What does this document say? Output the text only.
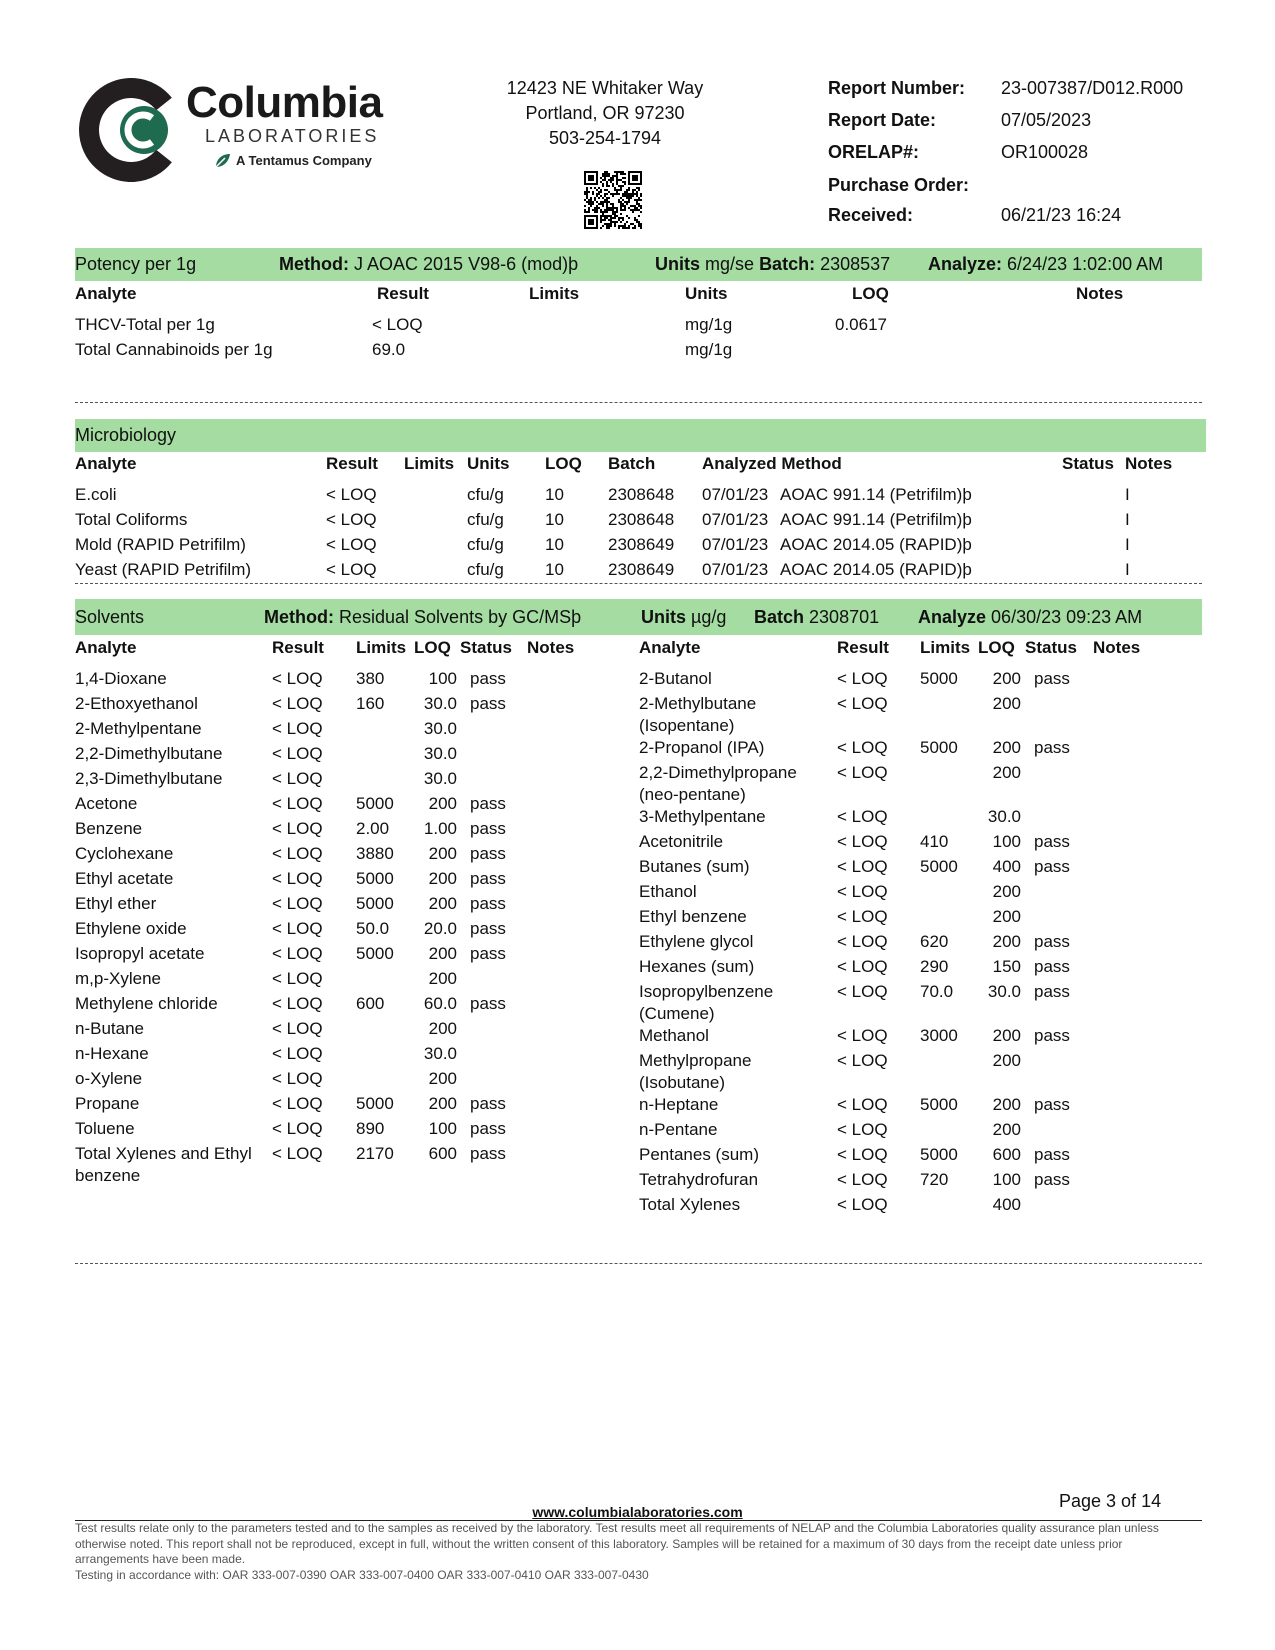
Columbia
LABORATORIES
A Tentamus Company
12423 NE Whitaker Way
Portland, OR 97230
503-254-1794
Report Number: 23-007387/D012.R000
Report Date:	07/05/2023
ORELAP#:	OR100028
Purchase Order:
Received:	06/21/23 16:24
Potency per 1g	Method: J AOAC 2015 V98-6 (mod)þ	Units mg/se Batch: 2308537 Analyze: 6/24/23 1:02:00 AM
Analyte	Result	Limits	Units	LOQ	Notes
THCV-Total per 1g	< LOQ	mg/1g	0.0617
Total Cannabinoids per 1g	69.0	mg/1g
Microbiology
Analyte	Result Limits Units LOQ Batch	Analyzed Method	Status Notes
E.coli	< LOQ	cfu/g 10	2308648 07/01/23 AOAC 991.14 (Petrifilm)þ	I
Total Coliforms	< LOQ	cfu/g 10	2308648 07/01/23 AOAC 991.14 (Petrifilm)þ	I
Mold (RAPID Petrifilm)	< LOQ	cfu/g 10	2308649 07/01/23 AOAC 2014.05 (RAPID)þ	I
Yeast (RAPID Petrifilm)	< LOQ	cfu/g 10	2308649 07/01/23 AOAC 2014.05 (RAPID)þ	I
Solvents	Method: Residual Solvents by GC/MSþ	Units µg/g Batch 2308701 Analyze 06/30/23 09:23 AM
Analyte	Result Limits LOQ Status Notes
1,4-Dioxane	< LOQ 380	100 pass
2-Ethoxyethanol	< LOQ 160	30.0 pass
2-Methylpentane	< LOQ	30.0
2,2-Dimethylbutane	< LOQ	30.0
2,3-Dimethylbutane	< LOQ	30.0
Acetone	< LOQ 5000	200 pass
Benzene	< LOQ 2.00	1.00 pass
Cyclohexane	< LOQ 3880	200 pass
Ethyl acetate	< LOQ 5000	200 pass
Ethyl ether	< LOQ 5000	200 pass
Ethylene oxide	< LOQ 50.0	20.0 pass
Isopropyl acetate	< LOQ 5000	200 pass
m,p-Xylene	< LOQ	200
Methylene chloride	< LOQ 600	60.0 pass
n-Butane	< LOQ	200
n-Hexane	< LOQ	30.0
o-Xylene	< LOQ	200
Propane	< LOQ 5000	200 pass
Toluene	< LOQ 890	100 pass
Total Xylenes and Ethyl
benzene
< LOQ 2170	600 pass
Analyte	Result Limits LOQ Status Notes
2-Butanol	< LOQ 5000	200 pass
2-Methylbutane
(Isopentane)
< LOQ	200
2-Propanol (IPA)	< LOQ 5000	200 pass
2,2-Dimethylpropane
(neo-pentane)
< LOQ	200
3-Methylpentane	< LOQ	30.0
Acetonitrile	< LOQ 410	100 pass
Butanes (sum)	< LOQ 5000	400 pass
Ethanol	< LOQ	200
Ethyl benzene	< LOQ	200
Ethylene glycol	< LOQ 620	200 pass
Hexanes (sum)	< LOQ 290	150 pass
Isopropylbenzene
(Cumene)
< LOQ 70.0	30.0 pass
Methanol	< LOQ 3000	200 pass
Methylpropane
(Isobutane)
< LOQ	200
n-Heptane	< LOQ 5000	200 pass
n-Pentane	< LOQ	200
Pentanes (sum)	< LOQ 5000	600 pass
Tetrahydrofuran	< LOQ 720	100 pass
Total Xylenes	< LOQ	400
Page 3 of 14
www.columbialaboratories.com
Test results relate only to the parameters tested and to the samples as received by the laboratory. Test results meet all requirements of NELAP and the Columbia Laboratories quality assurance plan unless otherwise noted. This report shall not be reproduced, except in full, without the written consent of this laboratory. Samples will be retained for a maximum of 30 days from the receipt date unless prior arrangements have been made.
Testing in accordance with: OAR 333-007-0390 OAR 333-007-0400 OAR 333-007-0410 OAR 333-007-0430
